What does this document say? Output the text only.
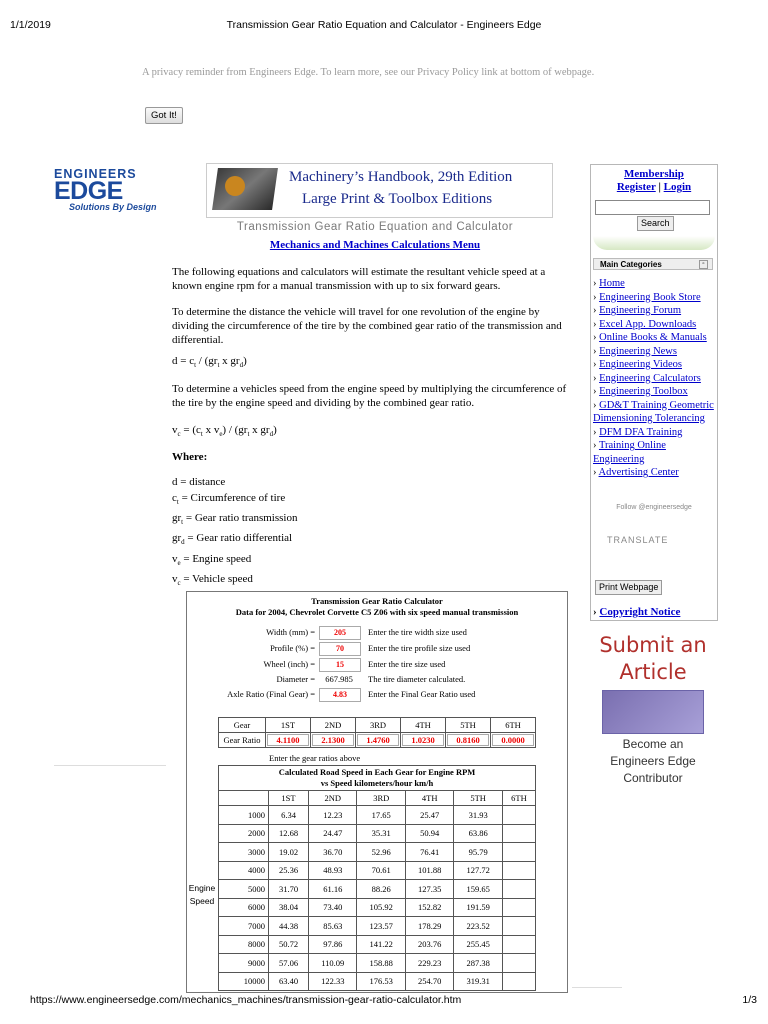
1/1/2019	Transmission Gear Ratio Equation and Calculator - Engineers Edge
A privacy reminder from Engineers Edge. To learn more, see our Privacy Policy link at bottom of webpage.
Got It!
ENGINEERS
EDGE
Solutions By Design
Machinery’s Handbook, 29th Edition
Large Print & Toolbox Editions
Transmission Gear Ratio Equation and Calculator
Mechanics and Machines Calculations Menu

The following equations and calculators will estimate the resultant vehicle speed at a known engine rpm for a manual transmission with up to six forward gears.

To determine the distance the vehicle will travel for one revolution of the engine by dividing the circumference of the tire by the combined gear ratio of the transmission and differential.

$d = c_t / (gr_t$ x $gr_d$)

To determine a vehicles speed from the engine speed by multiplying the circumference of the tire by the engine speed and dividing by the combined gear ratio.

$v_c = (c_t$ x $v_e) / (gr_t$ x $gr_d$)
Where:
d = distance
$c_t$ = Circumference of tire
$gr_t$ = Gear ratio transmission
$gr_d$ = Gear ratio differential
$v_e$ = Engine speed
$v_c$ = Vehicle speed
Membership
Register | Login
Search
Main Categories	▫
› Home
› Engineering Book Store
› Engineering Forum
› Excel App. Downloads
› Online Books & Manuals
› Engineering News
› Engineering Videos
› Engineering Calculators
› Engineering Toolbox
› GD&T Training Geometric Dimensioning Tolerancing
› DFM DFA Training
› Training Online Engineering
› Advertising Center
Follow @engineersedge
TRANSLATE
Print Webpage
› Copyright Notice
Submit an
Article
Become an
Engineers Edge
Contributor
Transmission Gear Ratio Calculator
Data for 2004, Chevrolet Corvette C5 Z06 with six speed manual transmission
Width (mm) =	205	Enter the tire width size used
Profile (%) =	70	Enter the tire profile size used
Wheel (inch) =	15	Enter the tire size used
Diameter =	667.985	The tire diameter calculated.
Axle Ratio (Final Gear) =	4.83	Enter the Final Gear Ratio used
Gear	1ST	2ND	3RD	4TH	5TH	6TH
Gear Ratio	4.1100	2.1300	1.4760	1.0230	0.8160	0.0000
Enter the gear ratios above
Calculated Road Speed in Each Gear for Engine RPM
vs Speed kilometers/hour km/h						

	1ST	2ND	3RD	4TH	5TH	6TH
1000	6.34	12.23	17.65	25.47	31.93	
2000	12.68	24.47	35.31	50.94	63.86	
3000	19.02	36.70	52.96	76.41	95.79	
4000	25.36	48.93	70.61	101.88	127.72	
5000	31.70	61.16	88.26	127.35	159.65	
6000	38.04	73.40	105.92	152.82	191.59	
7000	44.38	85.63	123.57	178.29	223.52	
8000	50.72	97.86	141.22	203.76	255.45	
9000	57.06	110.09	158.88	229.23	287.38	
10000	63.40	122.33	176.53	254.70	319.31	
Engine Speed
https://www.engineersedge.com/mechanics_machines/transmission-gear-ratio-calculator.htm	1/3
